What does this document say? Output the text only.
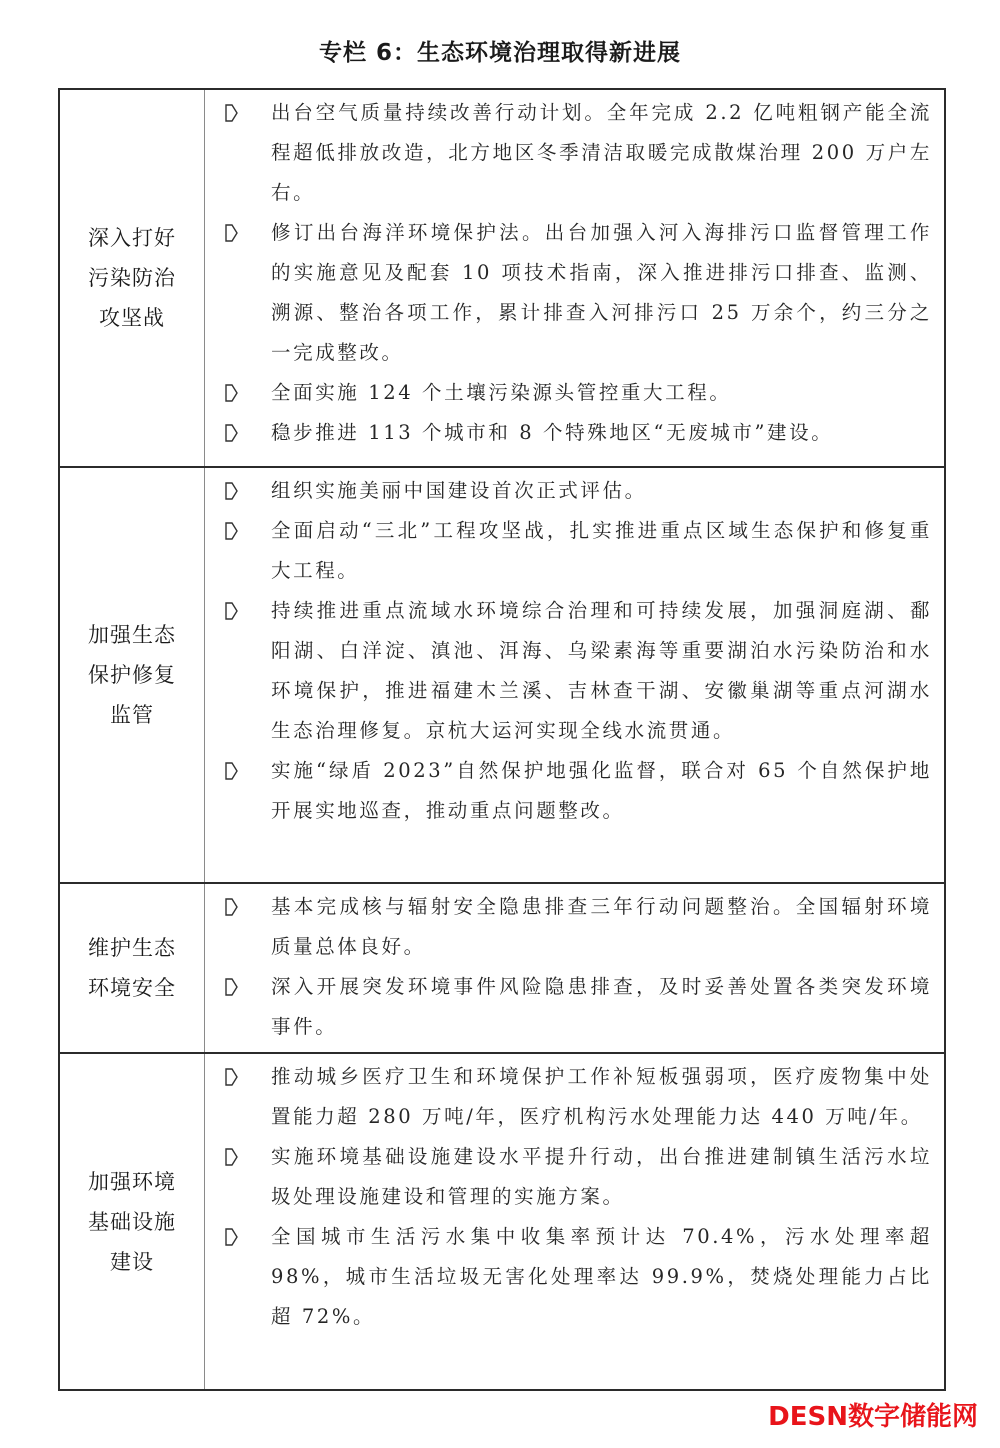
专栏 6：生态环境治理取得新进展
深入打好污染防治攻坚战
出台空气质量持续改善行动计划。全年完成 2.2 亿吨粗钢产能全流程超低排放改造，北方地区冬季清洁取暖完成散煤治理 200 万户左右。
修订出台海洋环境保护法。出台加强入河入海排污口监督管理工作的实施意见及配套 10 项技术指南，深入推进排污口排查、监测、溯源、整治各项工作，累计排查入河排污口 25 万余个，约三分之一完成整改。
全面实施 124 个土壤污染源头管控重大工程。
稳步推进 113 个城市和 8 个特殊地区“无废城市”建设。
加强生态保护修复监管
组织实施美丽中国建设首次正式评估。
全面启动“三北”工程攻坚战，扎实推进重点区域生态保护和修复重大工程。
持续推进重点流域水环境综合治理和可持续发展，加强洞庭湖、鄱阳湖、白洋淀、滇池、洱海、乌梁素海等重要湖泊水污染防治和水环境保护，推进福建木兰溪、吉林查干湖、安徽巢湖等重点河湖水生态治理修复。京杭大运河实现全线水流贯通。
实施“绿盾 2023”自然保护地强化监督，联合对 65 个自然保护地开展实地巡查，推动重点问题整改。
维护生态环境安全
基本完成核与辐射安全隐患排查三年行动问题整治。全国辐射环境质量总体良好。
深入开展突发环境事件风险隐患排查，及时妥善处置各类突发环境事件。
加强环境基础设施建设
推动城乡医疗卫生和环境保护工作补短板强弱项，医疗废物集中处置能力超 280 万吨/年，医疗机构污水处理能力达 440 万吨/年。
实施环境基础设施建设水平提升行动，出台推进建制镇生活污水垃圾处理设施建设和管理的实施方案。
全国城市生活污水集中收集率预计达 70.4%，污水处理率超 98%，城市生活垃圾无害化处理率达 99.9%，焚烧处理能力占比超 72%。
DESN数字储能网
